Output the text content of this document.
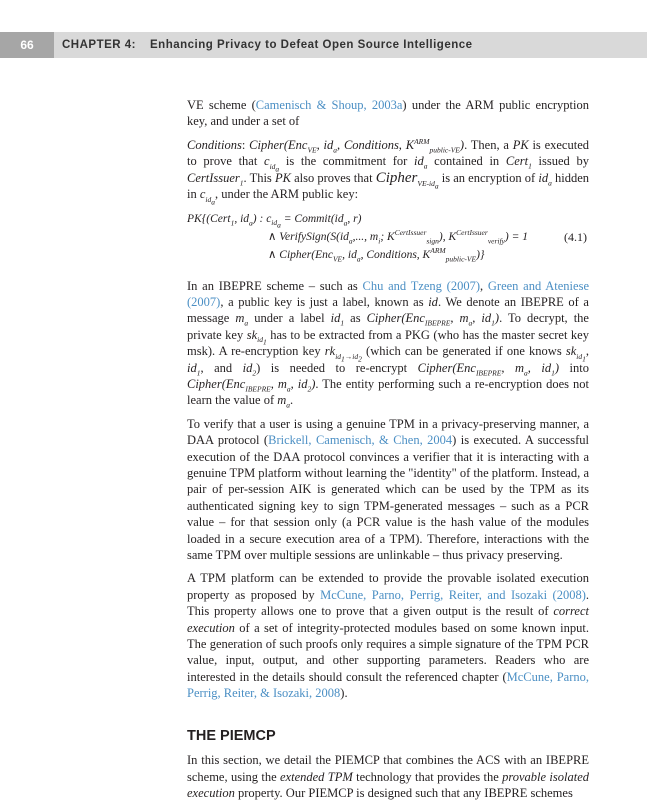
66	CHAPTER 4: Enhancing Privacy to Defeat Open Source Intelligence

VE scheme (Camenisch & Shoup, 2003a) under the ARM public encryption key, and under a set of

Conditions: Cipher(Enc$_{VE}$, $id_a$, Conditions, $K^{ARM}_{public-VE}$). Then, a PK is executed to prove that $c_{id_a}$ is the commitment for $id_a$ contained in Cert$_1$ issued by CertIssuer$_1$. This PK also proves that Cipher$_{VE-id_a}$ is an encryption of $id_a$ hidden in $c_{id_a}$, under the ARM public key:

PK{(Cert$_1$, $id_a$) : $c_{id_a}$ = $Commit(id_a$, r)
∧ $VerifySign(S(id_a$,..., $m_i$; $K^{CertIssuer}_{sign}$), $K^{CertIssuer}_{verify}) = 1$
∧ Cipher(Enc$_{VE}$, $id_a$, Conditions, $K^{ARM}_{public-VE}$)}
(4.1)

In an IBEPRE scheme – such as Chu and Tzeng (2007), Green and Ateniese (2007), a public key is just a label, known as id. We denote an IBEPRE of a message $m_a$ under a label $id_1$ as Cipher(Enc$_{IBEPRE}$, $m_a$, $id_1$). To decrypt, the private key $sk_{id_1}$ has to be extracted from a PKG (who has the master secret key msk). A re-encryption key $rk_{id_1\to id_2}$ (which can be generated if one knows $sk_{id_1}$, $id_1$, and $id_2$) is needed to re-encrypt Cipher(Enc$_{IBEPRE}$, $m_a$, $id_1$) into Cipher(Enc$_{IBEPRE}$, $m_a$, $id_2$). The entity performing such a re-encryption does not learn the value of $m_a$.

To verify that a user is using a genuine TPM in a privacy-preserving manner, a DAA protocol (Brickell, Camenisch, & Chen, 2004) is executed. A successful execution of the DAA protocol convinces a verifier that it is interacting with a genuine TPM platform without learning the "identity" of the platform. Instead, a pair of per-session AIK is generated which can be used by the TPM as its authenticated signing key to sign TPM-generated messages – such as a PCR value – for that session only (a PCR value is the hash value of the modules loaded in a secure execution area of a TPM). Therefore, interactions with the same TPM over multiple sessions are unlinkable – thus privacy preserving.

A TPM platform can be extended to provide the provable isolated execution property as proposed by McCune, Parno, Perrig, Reiter, and Isozaki (2008). This property allows one to prove that a given output is the result of correct execution of a set of integrity-protected modules based on some known input. The generation of such proofs only requires a simple signature of the TPM PCR value, input, output, and other supporting parameters. Readers who are interested in the details should consult the referenced chapter (McCune, Parno, Perrig, Reiter, & Isozaki, 2008).

THE PIEMCP

In this section, we detail the PIEMCP that combines the ACS with an IBEPRE scheme, using the extended TPM technology that provides the provable isolated execution property. Our PIEMCP is designed such that any IBEPRE schemes
